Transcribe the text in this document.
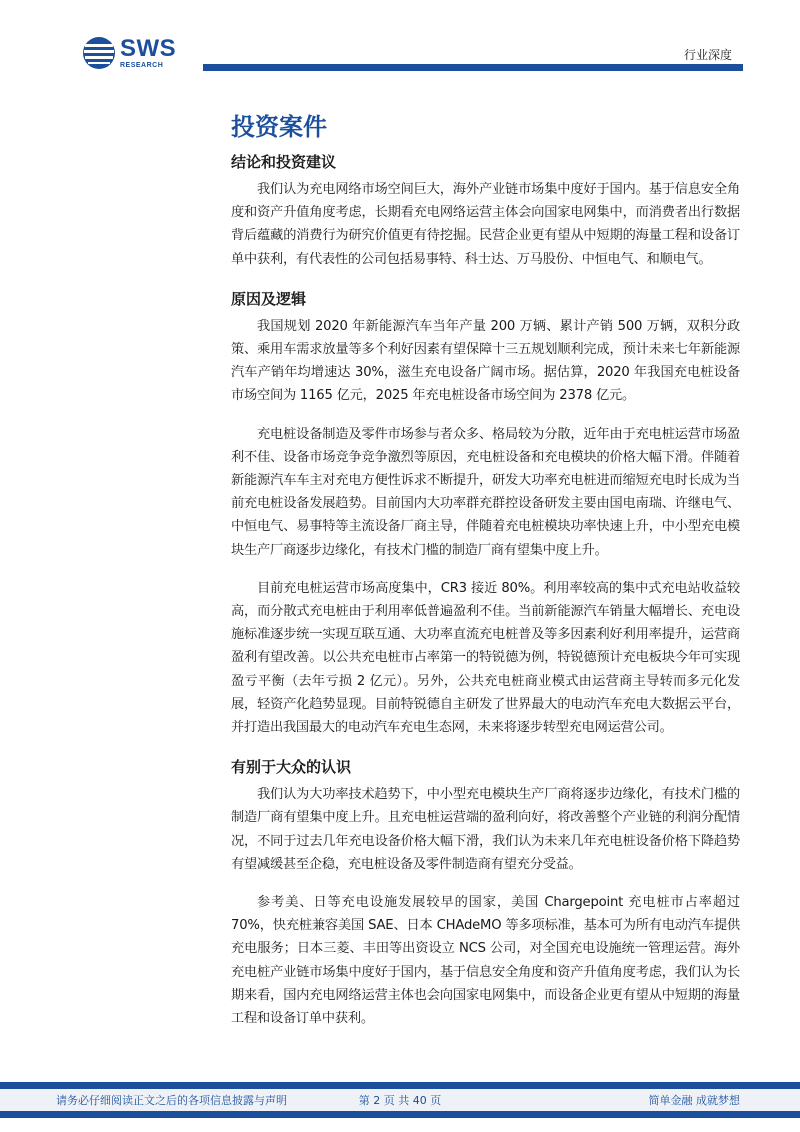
SWS
RESEARCH
行业深度
投资案件
结论和投资建议

我们认为充电网络市场空间巨大，海外产业链市场集中度好于国内。基于信息安全角度和资产升值角度考虑，长期看充电网络运营主体会向国家电网集中，而消费者出行数据背后蕴藏的消费行为研究价值更有待挖掘。民营企业更有望从中短期的海量工程和设备订单中获利，有代表性的公司包括易事特、科士达、万马股份、中恒电气、和顺电气。

原因及逻辑

我国规划 2020 年新能源汽车当年产量 200 万辆、累计产销 500 万辆，双积分政策、乘用车需求放量等多个利好因素有望保障十三五规划顺利完成，预计未来七年新能源汽车产销年均增速达 30%，滋生充电设备广阔市场。据估算，2020 年我国充电桩设备市场空间为 1165 亿元，2025 年充电桩设备市场空间为 2378 亿元。

充电桩设备制造及零件市场参与者众多、格局较为分散，近年由于充电桩运营市场盈利不佳、设备市场竞争竞争激烈等原因，充电桩设备和充电模块的价格大幅下滑。伴随着新能源汽车车主对充电方便性诉求不断提升，研发大功率充电桩进而缩短充电时长成为当前充电桩设备发展趋势。目前国内大功率群充群控设备研发主要由国电南瑞、许继电气、中恒电气、易事特等主流设备厂商主导，伴随着充电桩模块功率快速上升，中小型充电模块生产厂商逐步边缘化，有技术门槛的制造厂商有望集中度上升。

目前充电桩运营市场高度集中，CR3 接近 80%。利用率较高的集中式充电站收益较高，而分散式充电桩由于利用率低普遍盈利不佳。当前新能源汽车销量大幅增长、充电设施标准逐步统一实现互联互通、大功率直流充电桩普及等多因素利好利用率提升，运营商盈利有望改善。以公共充电桩市占率第一的特锐德为例，特锐德预计充电板块今年可实现盈亏平衡（去年亏损 2 亿元）。另外，公共充电桩商业模式由运营商主导转而多元化发展，轻资产化趋势显现。目前特锐德自主研发了世界最大的电动汽车充电大数据云平台，并打造出我国最大的电动汽车充电生态网，未来将逐步转型充电网运营公司。

有别于大众的认识

我们认为大功率技术趋势下，中小型充电模块生产厂商将逐步边缘化，有技术门槛的制造厂商有望集中度上升。且充电桩运营端的盈利向好，将改善整个产业链的利润分配情况，不同于过去几年充电设备价格大幅下滑，我们认为未来几年充电桩设备价格下降趋势有望减缓甚至企稳，充电桩设备及零件制造商有望充分受益。

参考美、日等充电设施发展较早的国家，美国 Chargepoint 充电桩市占率超过 70%，快充桩兼容美国 SAE、日本 CHAdeMO 等多项标准，基本可为所有电动汽车提供充电服务；日本三菱、丰田等出资设立 NCS 公司，对全国充电设施统一管理运营。海外充电桩产业链市场集中度好于国内，基于信息安全角度和资产升值角度考虑，我们认为长期来看，国内充电网络运营主体也会向国家电网集中，而设备企业更有望从中短期的海量工程和设备订单中获利。

请务必仔细阅读正文之后的各项信息披露与声明	第 2 页 共 40 页	简单金融 成就梦想
